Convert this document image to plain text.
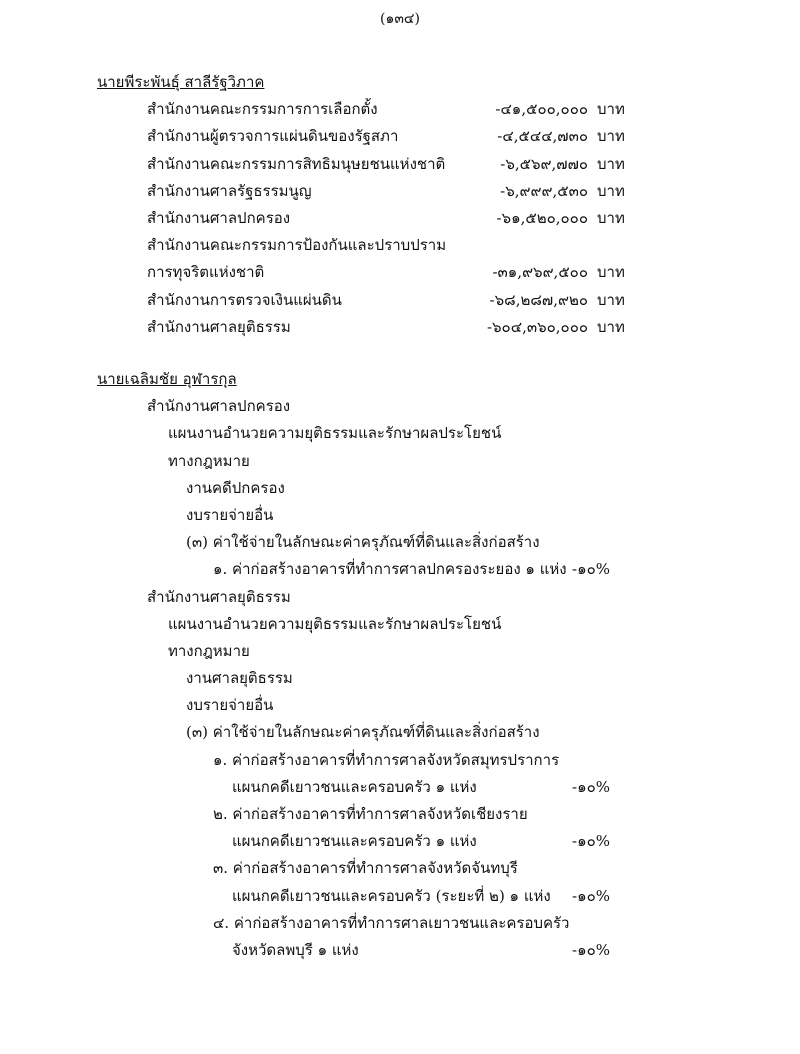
(๑๓๔)
นายพีระพันธุ์ สาลีรัฐวิภาค
สำนักงานคณะกรรมการการเลือกตั้ง	-๔๑,๕๐๐,๐๐๐ บาท
สำนักงานผู้ตรวจการแผ่นดินของรัฐสภา	-๔,๕๔๔,๗๓๐ บาท
สำนักงานคณะกรรมการสิทธิมนุษยชนแห่งชาติ	-๖,๕๖๙,๗๗๐ บาท
สำนักงานศาลรัฐธรรมนูญ	-๖,๙๙๙,๕๓๐ บาท
สำนักงานศาลปกครอง	-๖๑,๕๒๐,๐๐๐ บาท
สำนักงานคณะกรรมการป้องกันและปราบปราม
การทุจริตแห่งชาติ	-๓๑,๙๖๙,๕๐๐ บาท
สำนักงานการตรวจเงินแผ่นดิน	-๖๘,๒๘๗,๙๒๐ บาท
สำนักงานศาลยุติธรรม	-๖๐๔,๓๖๐,๐๐๐ บาท
นายเฉลิมชัย อุฬารกุล
สำนักงานศาลปกครอง
แผนงานอำนวยความยุติธรรมและรักษาผลประโยชน์
ทางกฎหมาย
งานคดีปกครอง
งบรายจ่ายอื่น
(๓) ค่าใช้จ่ายในลักษณะค่าครุภัณฑ์ที่ดินและสิ่งก่อสร้าง
๑. ค่าก่อสร้างอาคารที่ทำการศาลปกครองระยอง ๑ แห่ง -๑๐%
สำนักงานศาลยุติธรรม
แผนงานอำนวยความยุติธรรมและรักษาผลประโยชน์
ทางกฎหมาย
งานศาลยุติธรรม
งบรายจ่ายอื่น
(๓) ค่าใช้จ่ายในลักษณะค่าครุภัณฑ์ที่ดินและสิ่งก่อสร้าง
๑. ค่าก่อสร้างอาคารที่ทำการศาลจังหวัดสมุทรปราการ
แผนกคดีเยาวชนและครอบครัว ๑ แห่ง	-๑๐%
๒. ค่าก่อสร้างอาคารที่ทำการศาลจังหวัดเชียงราย
แผนกคดีเยาวชนและครอบครัว ๑ แห่ง	-๑๐%
๓. ค่าก่อสร้างอาคารที่ทำการศาลจังหวัดจันทบุรี
แผนกคดีเยาวชนและครอบครัว (ระยะที่ ๒) ๑ แห่ง -๑๐%
๔. ค่าก่อสร้างอาคารที่ทำการศาลเยาวชนและครอบครัว
จังหวัดลพบุรี ๑ แห่ง	-๑๐%
